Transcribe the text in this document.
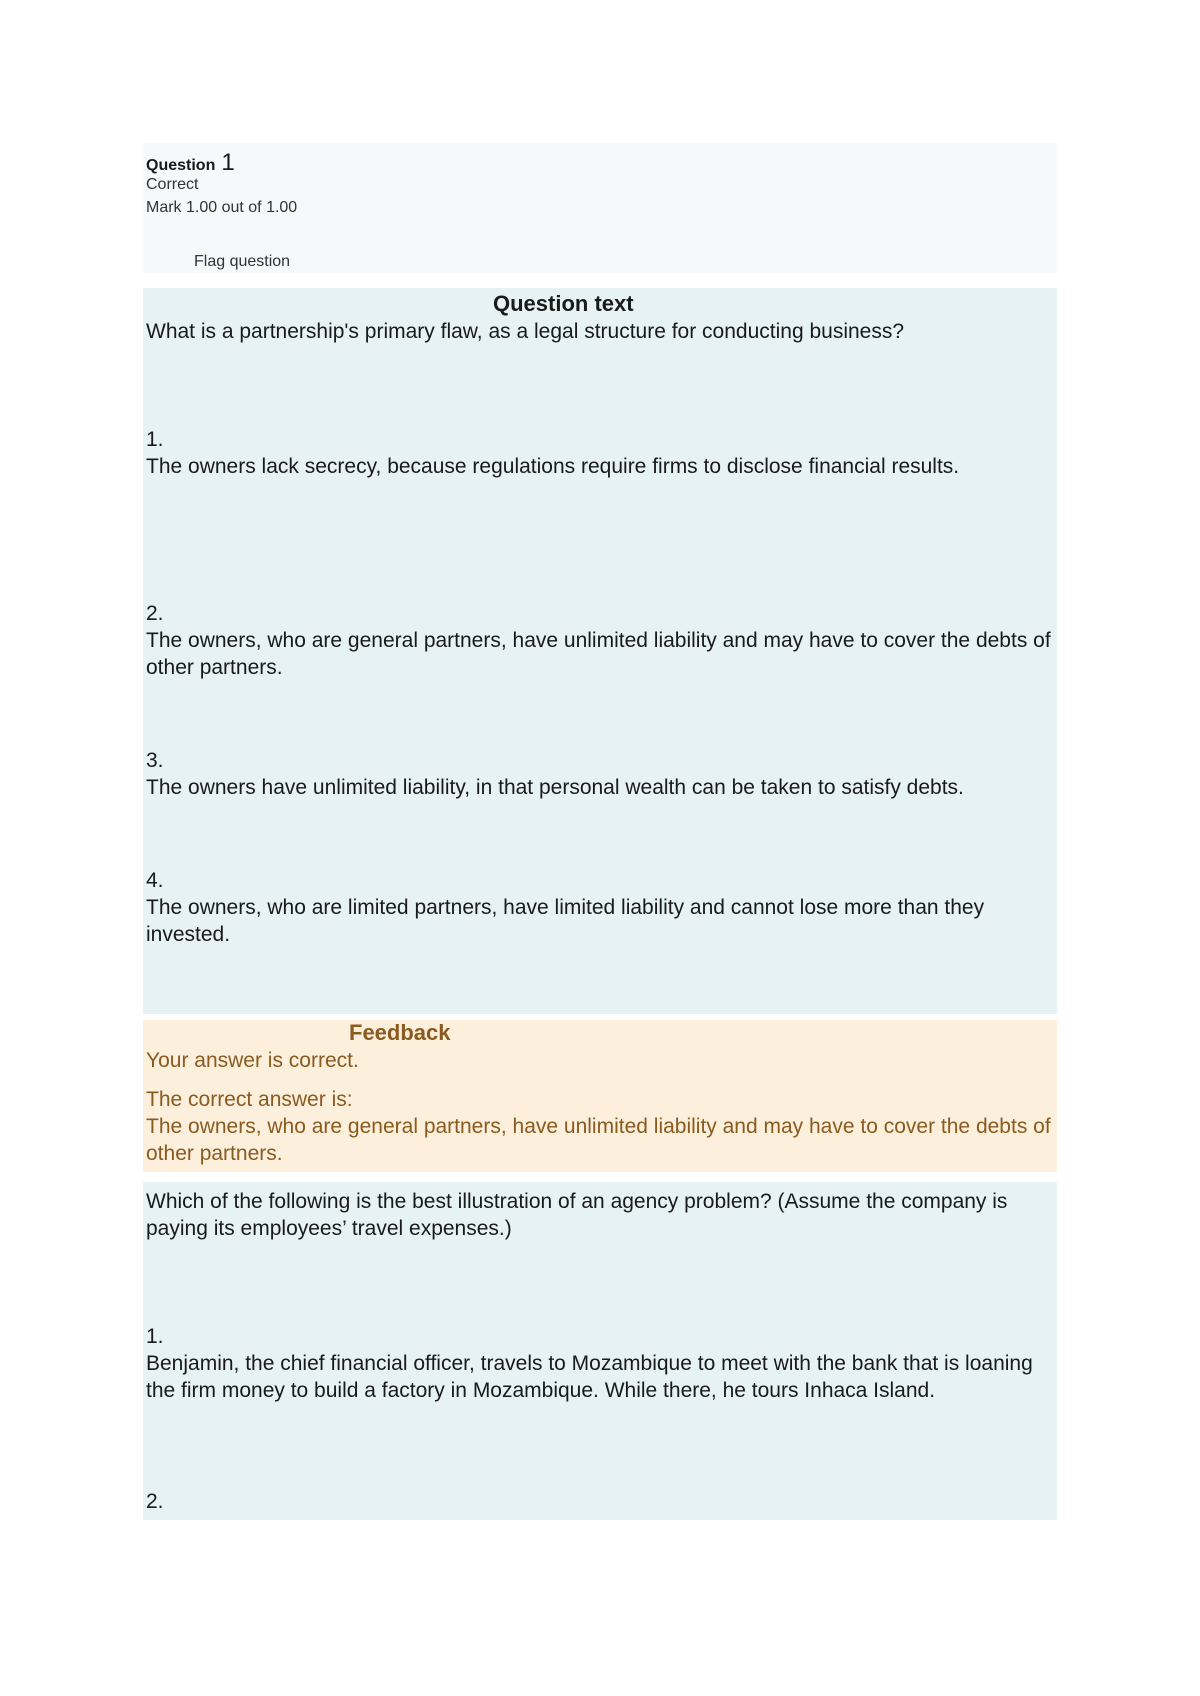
Question 1
Correct
Mark 1.00 out of 1.00
Flag question
Question text
What is a partnership's primary flaw, as a legal structure for conducting business?
1.
The owners lack secrecy, because regulations require firms to disclose financial results.
2.
The owners, who are general partners, have unlimited liability and may have to cover the debts of other partners.
3.
The owners have unlimited liability, in that personal wealth can be taken to satisfy debts.
4.
The owners, who are limited partners, have limited liability and cannot lose more than they invested.
Feedback
Your answer is correct.
The correct answer is:
The owners, who are general partners, have unlimited liability and may have to cover the debts of other partners.
Which of the following is the best illustration of an agency problem? (Assume the company is paying its employees’ travel expenses.)
1.
Benjamin, the chief financial officer, travels to Mozambique to meet with the bank that is loaning the firm money to build a factory in Mozambique. While there, he tours Inhaca Island.
2.
